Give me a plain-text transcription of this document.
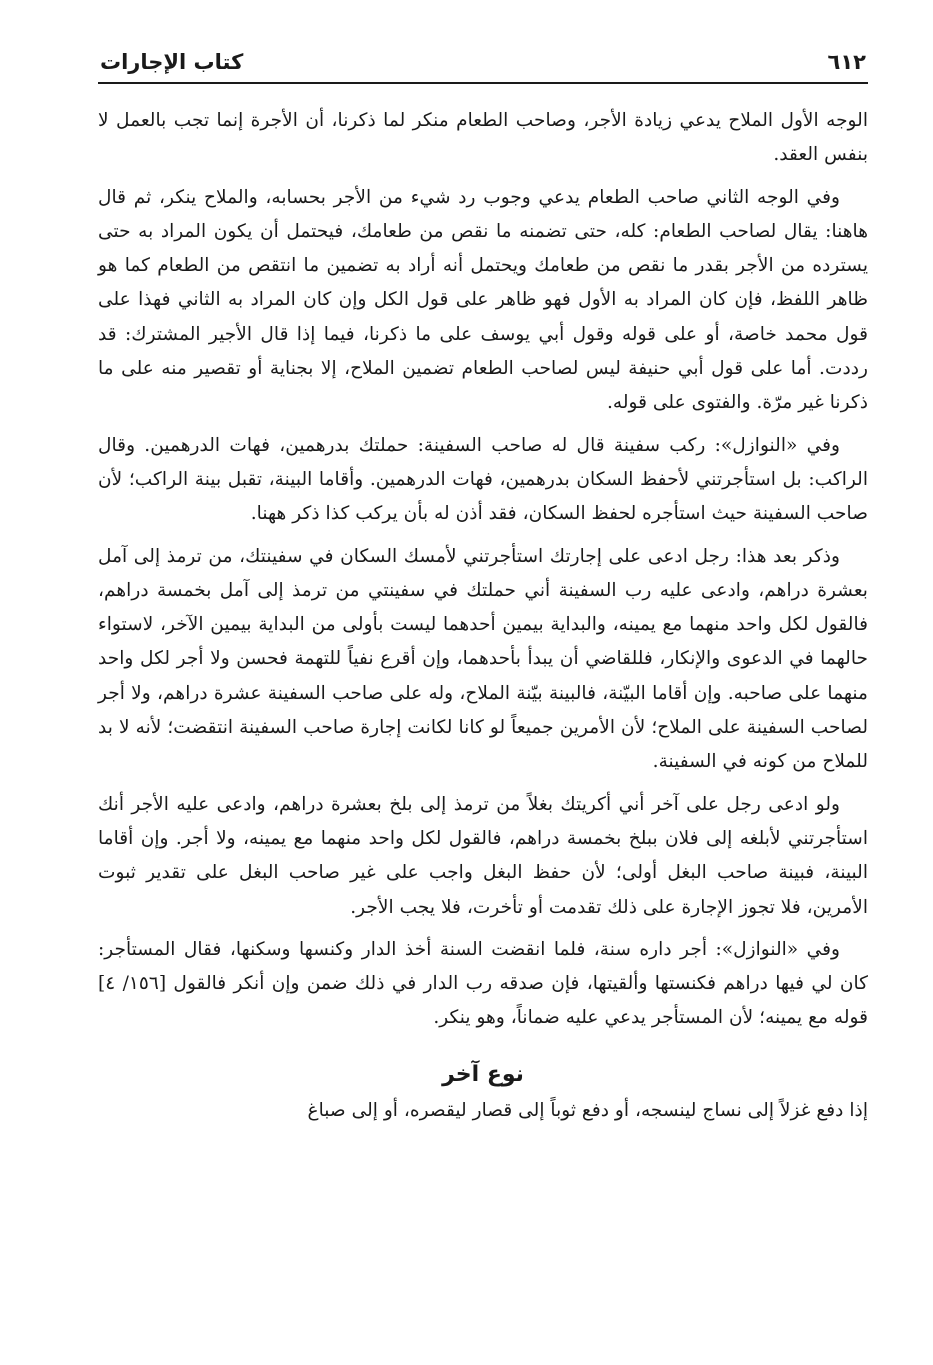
٦١٢
كتاب الإجارات

الوجه الأول الملاح يدعي زيادة الأجر، وصاحب الطعام منكر لما ذكرنا، أن الأجرة إنما تجب بالعمل لا بنفس العقد.

وفي الوجه الثاني صاحب الطعام يدعي وجوب رد شيء من الأجر بحسابه، والملاح ينكر، ثم قال هاهنا: يقال لصاحب الطعام: كله، حتى تضمنه ما نقص من طعامك، فيحتمل أن يكون المراد به حتى يسترده من الأجر بقدر ما نقص من طعامك ويحتمل أنه أراد به تضمين ما انتقص من الطعام كما هو ظاهر اللفظ، فإن كان المراد به الأول فهو ظاهر على قول الكل وإن كان المراد به الثاني فهذا على قول محمد خاصة، أو على قوله وقول أبي يوسف على ما ذكرنا، فيما إذا قال الأجير المشترك: قد رددت. أما على قول أبي حنيفة ليس لصاحب الطعام تضمين الملاح، إلا بجناية أو تقصير منه على ما ذكرنا غير مرّة. والفتوى على قوله.

وفي «النوازل»: ركب سفينة قال له صاحب السفينة: حملتك بدرهمين، فهات الدرهمين. وقال الراكب: بل استأجرتني لأحفظ السكان بدرهمين، فهات الدرهمين. وأقاما البينة، تقبل بينة الراكب؛ لأن صاحب السفينة حيث استأجره لحفظ السكان، فقد أذن له بأن يركب كذا ذكر ههنا.

وذكر بعد هذا: رجل ادعى على إجارتك استأجرتني لأمسك السكان في سفينتك، من ترمذ إلى آمل بعشرة دراهم، وادعى عليه رب السفينة أني حملتك في سفينتي من ترمذ إلى آمل بخمسة دراهم، فالقول لكل واحد منهما مع يمينه، والبداية بيمين أحدهما ليست بأولى من البداية بيمين الآخر، لاستواء حالهما في الدعوى والإنكار، فللقاضي أن يبدأ بأحدهما، وإن أقرع نفياً للتهمة فحسن ولا أجر لكل واحد منهما على صاحبه. وإن أقاما البيّنة، فالبينة بيّنة الملاح، وله على صاحب السفينة عشرة دراهم، ولا أجر لصاحب السفينة على الملاح؛ لأن الأمرين جميعاً لو كانا لكانت إجارة صاحب السفينة انتقضت؛ لأنه لا بد للملاح من كونه في السفينة.

ولو ادعى رجل على آخر أني أكريتك بغلاً من ترمذ إلى بلخ بعشرة دراهم، وادعى عليه الأجر أنك استأجرتني لأبلغه إلى فلان ببلخ بخمسة دراهم، فالقول لكل واحد منهما مع يمينه، ولا أجر. وإن أقاما البينة، فبينة صاحب البغل أولى؛ لأن حفظ البغل واجب على غير صاحب البغل على تقدير ثبوت الأمرين، فلا تجوز الإجارة على ذلك تقدمت أو تأخرت، فلا يجب الأجر.

وفي «النوازل»: أجر داره سنة، فلما انقضت السنة أخذ الدار وكنسها وسكنها، فقال المستأجر: كان لي فيها دراهم فكنستها وألقيتها، فإن صدقه رب الدار في ذلك ضمن وإن أنكر فالقول [١٥٦/ ٤] قوله مع يمينه؛ لأن المستأجر يدعي عليه ضماناً، وهو ينكر.

نوع آخر

إذا دفع غزلاً إلى نساج لينسجه، أو دفع ثوباً إلى قصار ليقصره، أو إلى صباغ
